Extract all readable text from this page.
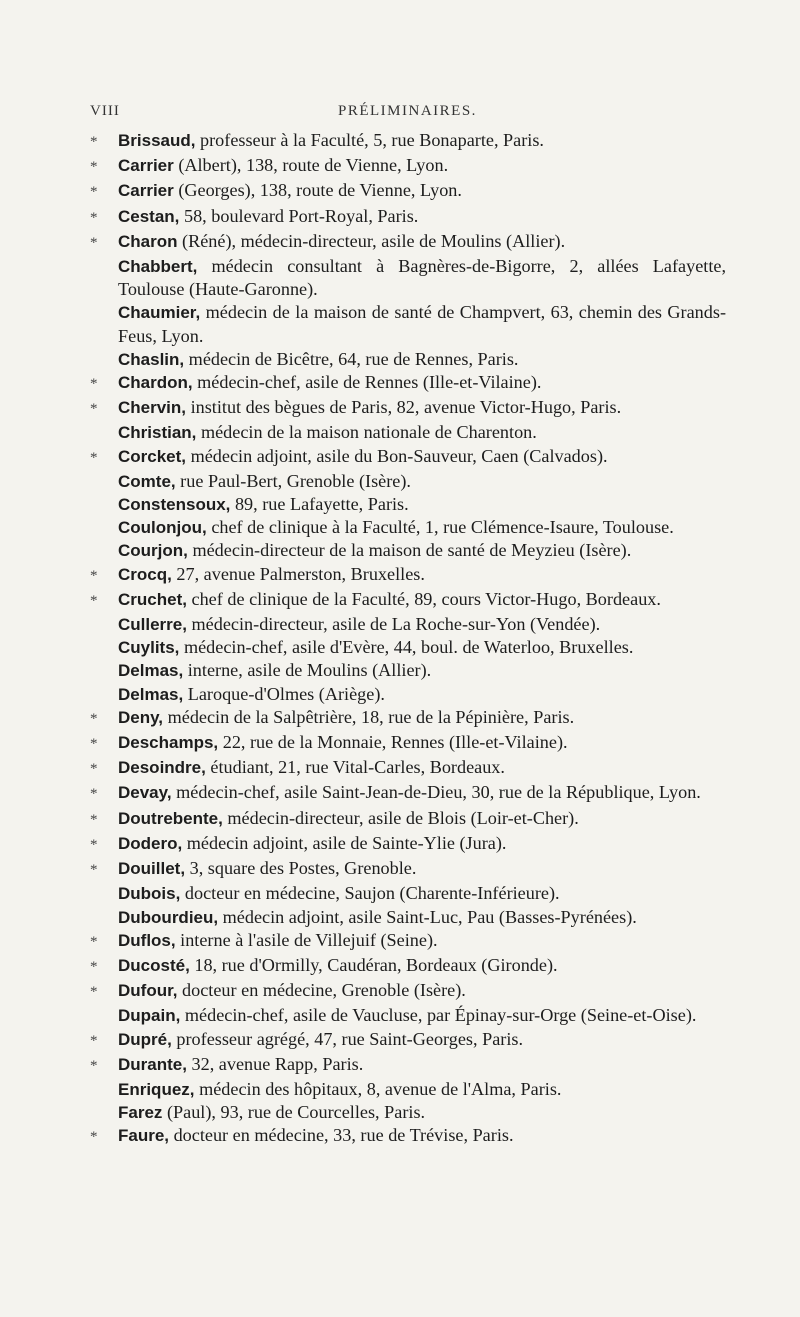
VIII	PRÉLIMINAIRES.
* Brissaud, professeur à la Faculté, 5, rue Bonaparte, Paris.
* Carrier (Albert), 138, route de Vienne, Lyon.
* Carrier (Georges), 138, route de Vienne, Lyon.
* Cestan, 58, boulevard Port-Royal, Paris.
* Charon (Réné), médecin-directeur, asile de Moulins (Allier).
Chabbert, médecin consultant à Bagnères-de-Bigorre, 2, allées Lafayette, Toulouse (Haute-Garonne).
Chaumier, médecin de la maison de santé de Champvert, 63, chemin des Grands-Feus, Lyon.
Chaslin, médecin de Bicêtre, 64, rue de Rennes, Paris.
* Chardon, médecin-chef, asile de Rennes (Ille-et-Vilaine).
* Chervin, institut des bègues de Paris, 82, avenue Victor-Hugo, Paris.
Christian, médecin de la maison nationale de Charenton.
* Corcket, médecin adjoint, asile du Bon-Sauveur, Caen (Calvados).
Comte, rue Paul-Bert, Grenoble (Isère).
Constensoux, 89, rue Lafayette, Paris.
Coulonjou, chef de clinique à la Faculté, 1, rue Clémence-Isaure, Toulouse.
Courjon, médecin-directeur de la maison de santé de Meyzieu (Isère).
* Crocq, 27, avenue Palmerston, Bruxelles.
* Cruchet, chef de clinique de la Faculté, 89, cours Victor-Hugo, Bordeaux.
Cullerre, médecin-directeur, asile de La Roche-sur-Yon (Vendée).
Cuylits, médecin-chef, asile d'Evère, 44, boul. de Waterloo, Bruxelles.
Delmas, interne, asile de Moulins (Allier).
Delmas, Laroque-d'Olmes (Ariège).
* Deny, médecin de la Salpêtrière, 18, rue de la Pépinière, Paris.
* Deschamps, 22, rue de la Monnaie, Rennes (Ille-et-Vilaine).
* Desoindre, étudiant, 21, rue Vital-Carles, Bordeaux.
* Devay, médecin-chef, asile Saint-Jean-de-Dieu, 30, rue de la République, Lyon.
* Doutrebente, médecin-directeur, asile de Blois (Loir-et-Cher).
* Dodero, médecin adjoint, asile de Sainte-Ylie (Jura).
* Douillet, 3, square des Postes, Grenoble.
Dubois, docteur en médecine, Saujon (Charente-Inférieure).
Dubourdieu, médecin adjoint, asile Saint-Luc, Pau (Basses-Pyrénées).
* Duflos, interne à l'asile de Villejuif (Seine).
* Ducosté, 18, rue d'Ormilly, Caudéran, Bordeaux (Gironde).
* Dufour, docteur en médecine, Grenoble (Isère).
Dupain, médecin-chef, asile de Vaucluse, par Épinay-sur-Orge (Seine-et-Oise).
* Dupré, professeur agrégé, 47, rue Saint-Georges, Paris.
* Durante, 32, avenue Rapp, Paris.
Enriquez, médecin des hôpitaux, 8, avenue de l'Alma, Paris.
Farez (Paul), 93, rue de Courcelles, Paris.
* Faure, docteur en médecine, 33, rue de Trévise, Paris.
